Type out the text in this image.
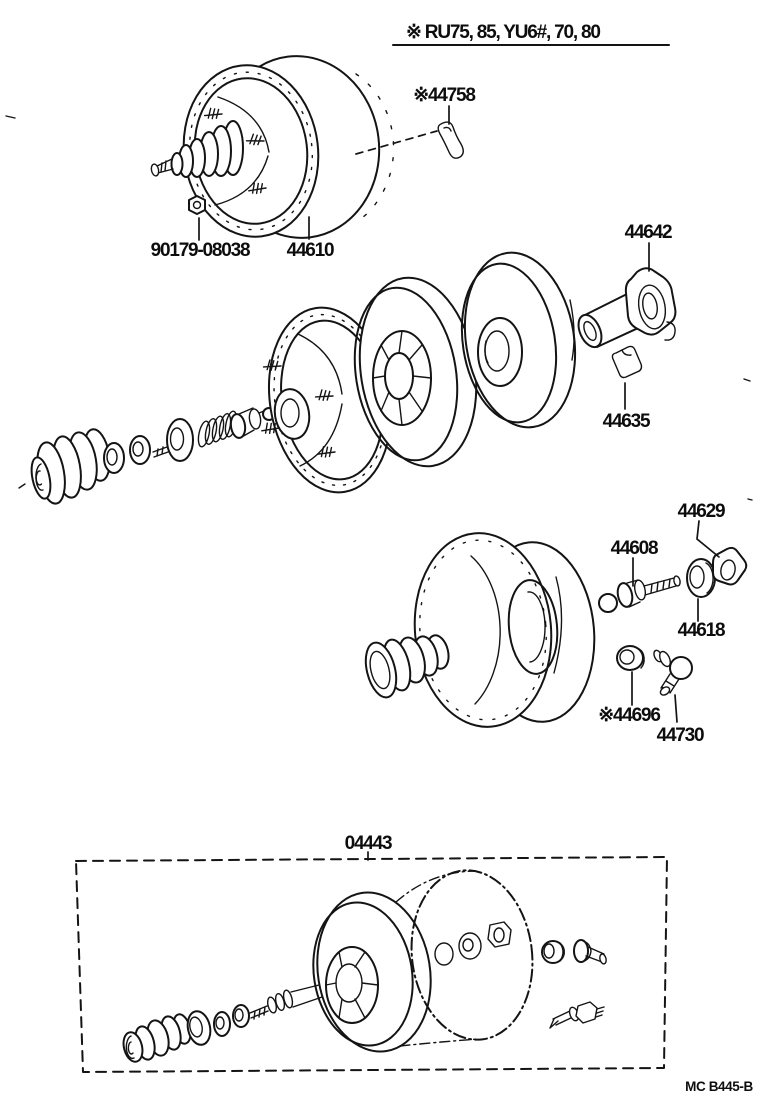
※ RU75, 85, YU6#, 70, 80
※44758
90179-08038 44610
44642
44635
44608
44629
44618
※44696
44730
04443
MC B445-B
